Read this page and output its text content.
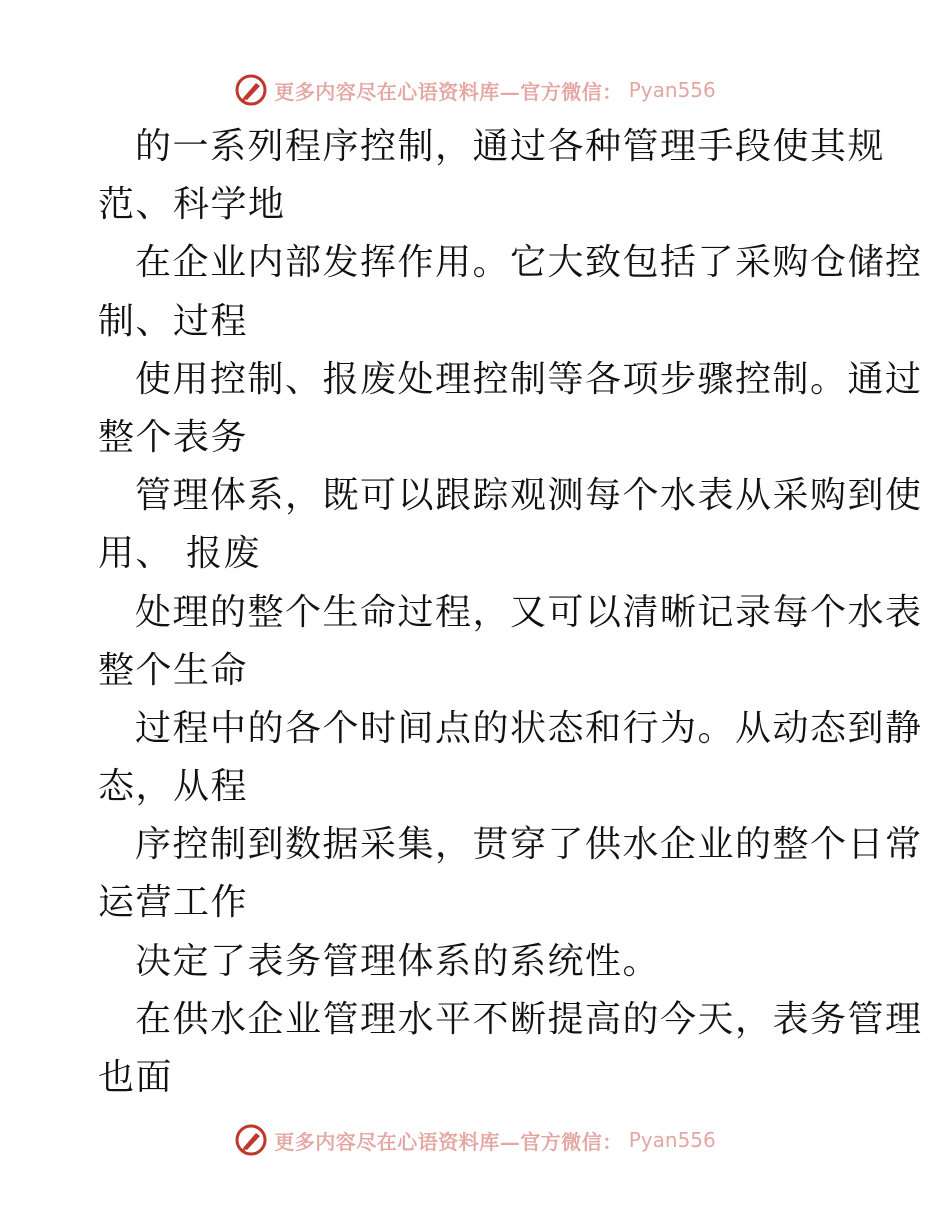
更多内容尽在心语资料库—官方微信： Pyan556
的一系列程序控制，通过各种管理手段使其规
范、科学地
在企业内部发挥作用。它大致包括了采购仓储控
制、过程
使用控制、报废处理控制等各项步骤控制。通过
整个表务
管理体系，既可以跟踪观测每个水表从采购到使
用、 报废
处理的整个生命过程，又可以清晰记录每个水表
整个生命
过程中的各个时间点的状态和行为。从动态到静
态，从程
序控制到数据采集，贯穿了供水企业的整个日常
运营工作
决定了表务管理体系的系统性。
在供水企业管理水平不断提高的今天，表务管理
也面
更多内容尽在心语资料库—官方微信： Pyan556
